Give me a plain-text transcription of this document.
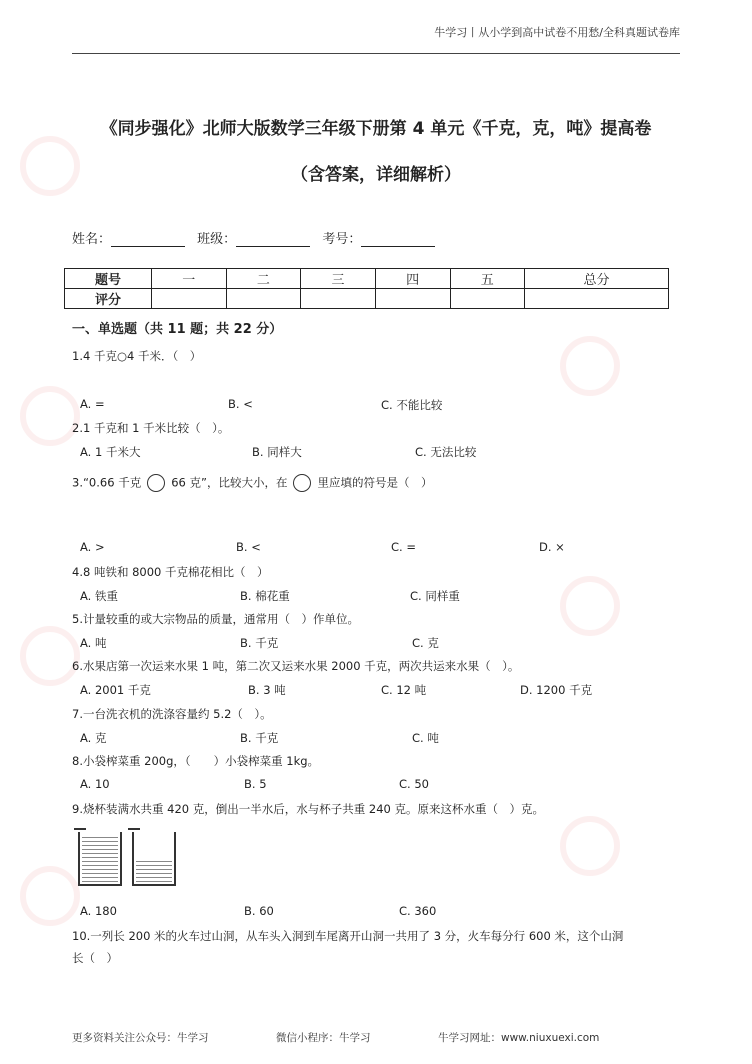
牛学习丨从小学到高中试卷不用愁/全科真题试卷库
《同步强化》北师大版数学三年级下册第 4 单元《千克，克，吨》提高卷
（含答案，详细解析）
姓名：	班级：	考号：
题号	一	二	三	四	五	总分
评分						
一、单选题（共 11 题；共 22 分）
1.4 千克○4 千米．（　）
A. =	B. <	C. 不能比较
2.1 千克和 1 千米比较（　）。
A. 1 千米大	B. 同样大	C. 无法比较
3.“0.66 千克	66 克”，比较大小，在	里应填的符号是（　）
A. >	B. <	C. =	D. ×
4.8 吨铁和 8000 千克棉花相比（　）
A. 铁重	B. 棉花重	C. 同样重
5.计量较重的或大宗物品的质量，通常用（　）作单位。
A. 吨	B. 千克	C. 克
6.水果店第一次运来水果 1 吨，第二次又运来水果 2000 千克，两次共运来水果（　）。
A. 2001 千克	B. 3 吨	C. 12 吨	D. 1200 千克
7.一台洗衣机的洗涤容量约 5.2（　）。
A. 克	B. 千克	C. 吨
8.小袋榨菜重 200g，（　　）小袋榨菜重 1kg。
A. 10	B. 5	C. 50
9.烧杯装满水共重 420 克，倒出一半水后，水与杯子共重 240 克。原来这杯水重（　）克。
A. 180	B. 60	C. 360
10.一列长 200 米的火车过山洞，从车头入洞到车尾离开山洞一共用了 3 分，火车每分行 600 米，这个山洞
长（　）
更多资料关注公众号：牛学习	微信小程序：牛学习	牛学习网址：www.niuxuexi.com
